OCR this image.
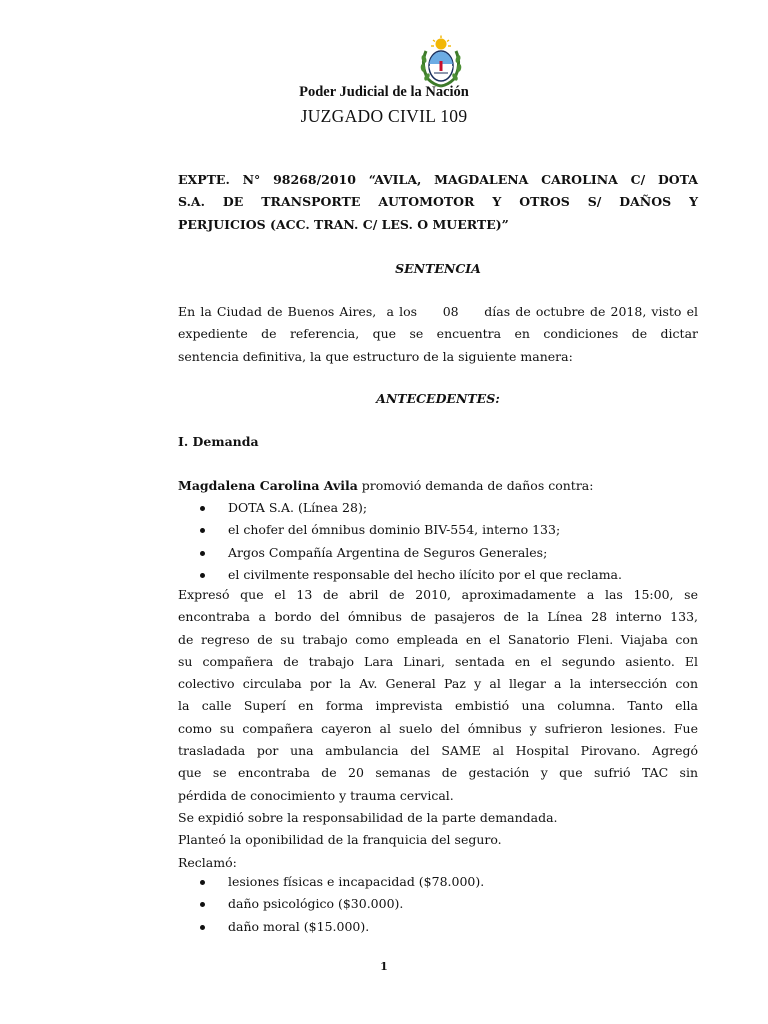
Poder Judicial de la Nación
JUZGADO CIVIL 109
EXPTE. N° 98268/2010 “AVILA, MAGDALENA CAROLINA C/ DOTA
S.A. DE TRANSPORTE AUTOMOTOR Y OTROS S/ DAÑOS Y
PERJUICIOS (ACC. TRAN. C/ LES. O MUERTE)”
SENTENCIA
En la Ciudad de Buenos Aires,  a los     08     días de octubre de 2018, visto el
expediente de referencia, que se encuentra en condiciones de dictar
sentencia definitiva, la que estructuro de la siguiente manera:
ANTECEDENTES:
I. Demanda
Magdalena Carolina Avila promovió demanda de daños contra:
DOTA S.A. (Línea 28);
el chofer del ómnibus dominio BIV-554, interno 133;
Argos Compañía Argentina de Seguros Generales;
el civilmente responsable del hecho ilícito por el que reclama.
Expresó que el 13 de abril de 2010, aproximadamente a las 15:00, se
encontraba a bordo del ómnibus de pasajeros de la Línea 28 interno 133,
de regreso de su trabajo como empleada en el Sanatorio Fleni. Viajaba con
su compañera de trabajo Lara Linari, sentada en el segundo asiento. El
colectivo circulaba por la Av. General Paz y al llegar a la intersección con
la calle Superí en forma imprevista embistió una columna. Tanto ella
como su compañera cayeron al suelo del ómnibus y sufrieron lesiones. Fue
trasladada por una ambulancia del SAME al Hospital Pirovano. Agregó
que se encontraba de 20 semanas de gestación y que sufrió TAC sin
pérdida de conocimiento y trauma cervical.
Se expidió sobre la responsabilidad de la parte demandada.
Planteó la oponibilidad de la franquicia del seguro.
Reclamó:
lesiones físicas e incapacidad ($78.000).
daño psicológico ($30.000).
daño moral ($15.000).
1
